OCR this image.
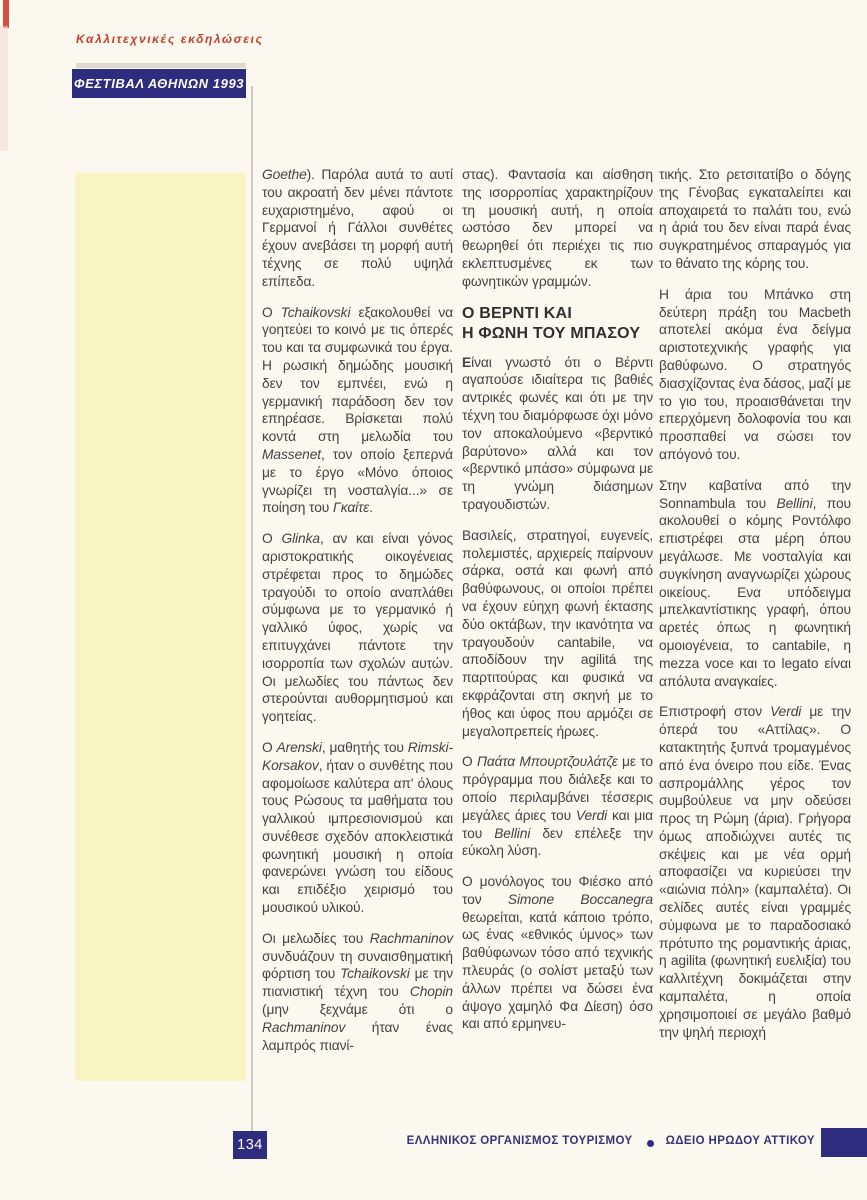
Καλλιτεχνικές εκδηλώσεις
ΦΕΣΤΙΒΑΛ ΑΘΗΝΩΝ 1993

Goethe). Παρόλα αυτά το αυτί του ακροατή δεν μένει πάντοτε ευχαριστημένο, αφού οι Γερμανοί ή Γάλλοι συνθέτες έχουν ανεβάσει τη μορφή αυτή τέχνης σε πολύ υψηλά επίπεδα.

Ο Tchaikovski εξακολουθεί να γοητεύει το κοινό με τις όπερές του και τα συμφωνικά του έργα. Η ρωσική δημώδης μουσική δεν τον εμπνέει, ενώ η γερμανική παράδοση δεν τον επηρέασε. Βρίσκεται πολύ κοντά στη μελωδία του Massenet, τον οποίο ξεπερνά με το έργο «Μόνο όποιος γνωρίζει τη νοσταλγία...» σε ποίηση του Γκαίτε.

Ο Glinka, αν και είναι γόνος αριστοκρατικής οικογένειας στρέφεται προς το δημώδες τραγούδι το οποίο αναπλάθει σύμφωνα με το γερμανικό ή γαλλικό ύφος, χωρίς να επιτυγχάνει πάντοτε την ισορροπία των σχολών αυτών. Οι μελωδίες του πάντως δεν στερούνται αυθορμητισμού και γοητείας.

Ο Arenski, μαθητής του Rimski-Korsakov, ήταν ο συνθέτης που αφομοίωσε καλύτερα απ' όλους τους Ρώσους τα μαθήματα του γαλλικού ιμπρεσιονισμού και συνέθεσε σχεδόν αποκλειστικά φωνητική μουσική η οποία φανερώνει γνώση του είδους και επιδέξιο χειρισμό του μουσικού υλικού.

Οι μελωδίες του Rachmaninov συνδυάζουν τη συναισθηματική φόρτιση του Tchaikovski με την πιανιστική τέχνη του Chopin (μην ξεχνάμε ότι ο Rachmaninov ήταν ένας λαμπρός πιανί-

στας). Φαντασία και αίσθηση της ισορροπίας χαρακτηρίζουν τη μουσική αυτή, η οποία ωστόσο δεν μπορεί να θεωρηθεί ότι περιέχει τις πιο εκλεπτυσμένες εκ των φωνητικών γραμμών.

Ο ΒΕΡΝΤΙ ΚΑΙ
Η ΦΩΝΗ ΤΟΥ ΜΠΑΣΟΥ

Είναι γνωστό ότι ο Βέρντι αγαπούσε ιδιαίτερα τις βαθιές αντρικές φωνές και ότι με την τέχνη του διαμόρφωσε όχι μόνο τον αποκαλούμενο «βερντικό βαρύτονο» αλλά και τον «βερντικό μπάσο» σύμφωνα με τη γνώμη διάσημων τραγουδιστών.

Βασιλείς, στρατηγοί, ευγενείς, πολεμιστές, αρχιερείς παίρνουν σάρκα, οστά και φωνή από βαθύφωνους, οι οποίοι πρέπει να έχουν εύηχη φωνή έκτασης δύο οκτάβων, την ικανότητα να τραγουδούν cantabile, να αποδίδουν την agilitá της παρτιτούρας και φυσικά να εκφράζονται στη σκηνή με το ήθος και ύφος που αρμόζει σε μεγαλοπρεπείς ήρωες.

Ο Παάτα Μπουρτζουλάτζε με το πρόγραμμα που διάλεξε και το οποίο περιλαμβάνει τέσσερις μεγάλες άριες του Verdi και μια του Bellini δεν επέλεξε την εύκολη λύση.

Ο μονόλογος του Φιέσκο από τον Simone Boccanegra θεωρείται, κατά κάποιο τρόπο, ως ένας «εθνικός ύμνος» των βαθύφωνων τόσο από τεχνικής πλευράς (ο σολίστ μεταξύ των άλλων πρέπει να δώσει ένα άψογο χαμηλό Φα Δίεση) όσο και από ερμηνευ-

τικής. Στο ρετσιτατίβο ο δόγης της Γένοβας εγκαταλείπει και αποχαιρετά το παλάτι του, ενώ η άριά του δεν είναι παρά ένας συγκρατημένος σπαραγμός για το θάνατο της κόρης του.

Η άρια του Μπάνκο στη δεύτερη πράξη του Macbeth αποτελεί ακόμα ένα δείγμα αριστοτεχνικής γραφής για βαθύφωνο. Ο στρατηγός διασχίζοντας ένα δάσος, μαζί με το γιο του, προαισθάνεται την επερχόμενη δολοφονία του και προσπαθεί να σώσει τον απόγονό του.

Στην καβατίνα από την Sonnambula του Bellini, που ακολουθεί ο κόμης Ροντόλφο επιστρέφει στα μέρη όπου μεγάλωσε. Με νοσταλγία και συγκίνηση αναγνωρίζει χώρους οικείους. Ενα υπόδειγμα μπελκαντίστικης γραφή, όπου αρετές όπως η φωνητική ομοιογένεια, το cantabile, η mezza voce και το legato είναι απόλυτα αναγκαίες.

Επιστροφή στον Verdi με την όπερά του «Αττίλας». Ο κατακτητής ξυπνά τρομαγμένος από ένα όνειρο που είδε. Ένας ασπρομάλλης γέρος τον συμβούλευε να μην οδεύσει προς τη Ρώμη (άρια). Γρήγορα όμως αποδιώχνει αυτές τις σκέψεις και με νέα ορμή αποφασίζει να κυριεύσει την «αιώνια πόλη» (καμπαλέτα). Οι σελίδες αυτές είναι γραμμές σύμφωνα με το παραδοσιακό πρότυπο της ρομαντικής άριας, η agilita (φωνητική ευελιξία) του καλλιτέχνη δοκιμάζεται στην καμπαλέτα, η οποία χρησιμοποιεί σε μεγάλο βαθμό την ψηλή περιοχή

134	ΕΛΛΗΝΙΚΟΣ ΟΡΓΑΝΙΣΜΟΣ ΤΟΥΡΙΣΜΟΥ	ΩΔΕΙΟ ΗΡΩΔΟΥ ΑΤΤΙΚΟΥ
